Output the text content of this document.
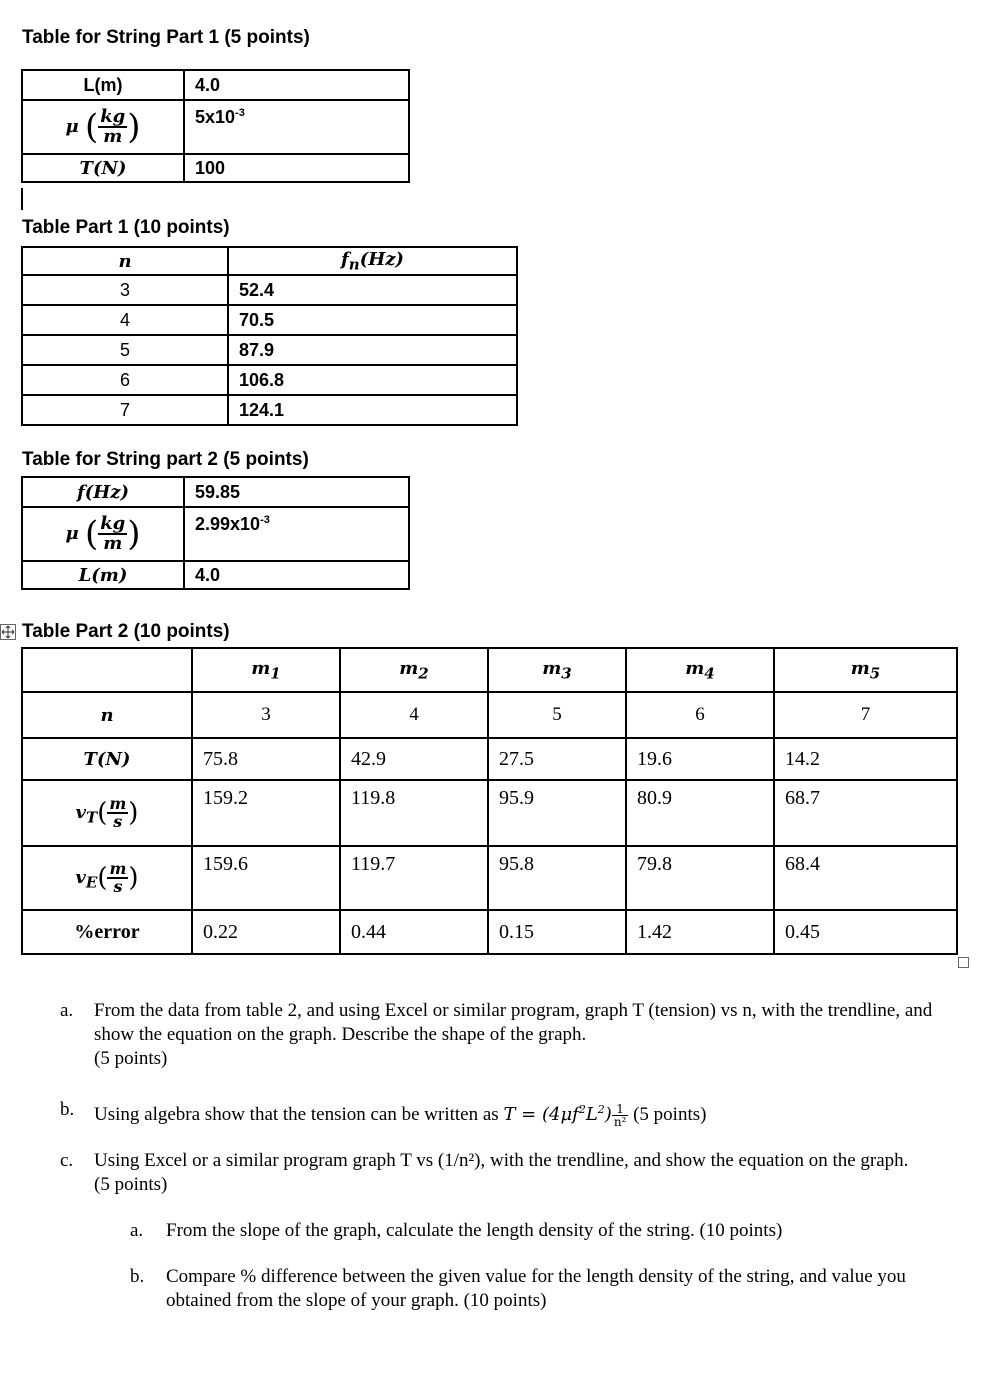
Table for String Part 1 (5 points)
L(m)	4.0
μ ( $\frac{kg}{m}$ )	$5x10^{-3}$
T(N)	100
Table Part 1 (10 points)
n	$f_n(Hz)$
3	52.4
4	70.5
5	87.9
6	106.8
7	124.1
Table for String part 2 (5 points)
f(Hz)	59.85
μ ( $\frac{kg}{m}$ )	$2.99x10^{-3}$
L(m)	4.0
Table Part 2 (10 points)
	$m_1$	$m_2$	$m_3$	$m_4$	$m_5$
n	3	4	5	6	7
T(N)	75.8	42.9	27.5	19.6	14.2
$v_T( \frac{m}{s}$ )	159.2	119.8	95.9	80.9	68.7
$v_E( \frac{m}{s}$ )	159.6	119.7	95.8	79.8	68.4
%error	0.22	0.44	0.15	1.42	0.45
a. From the data from table 2, and using Excel or similar program, graph T (tension) vs n, with the trendline, and show the equation on the graph. Describe the shape of the graph.
(5 points)
b. Using algebra show that the tension can be written as $T = (4\mu f^2L^2) \frac{1}{\text{n²}} (5$ points)
c. Using Excel or a similar program graph T vs (1/n²), with the trendline, and show the equation on the graph.
(5 points)
a. From the slope of the graph, calculate the length density of the string. (10 points)
b. Compare % difference between the given value for the length density of the string, and value you obtained from the slope of your graph. (10 points)
